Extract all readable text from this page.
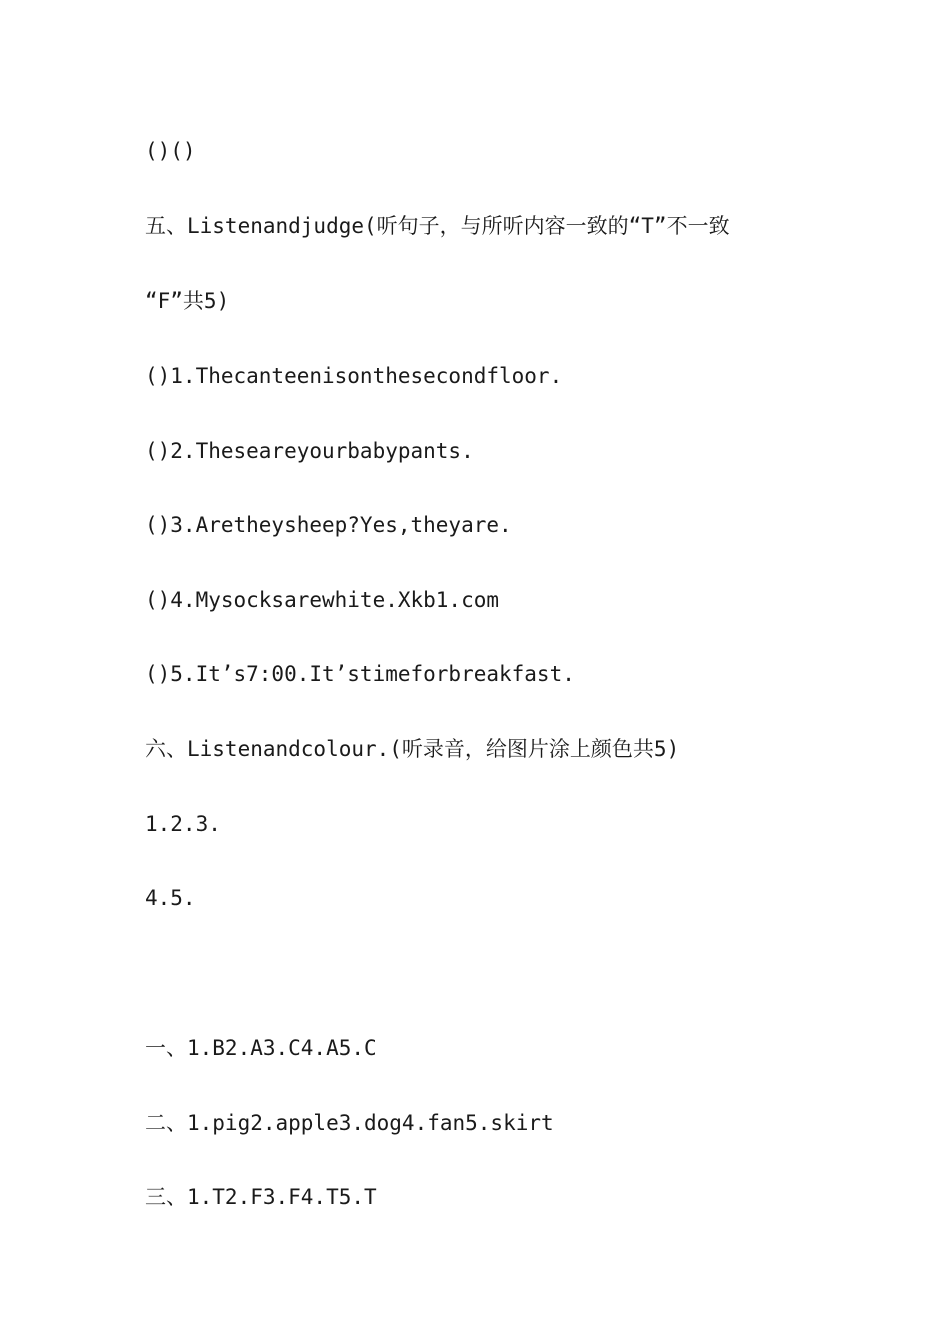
()()
五、Listenandjudge(听句子，与所听内容一致的“T”不一致
“F”共5)
()1.Thecanteenisonthesecondfloor.
()2.Theseareyourbabypants.
()3.Aretheysheep?Yes,theyare.
()4.Mysocksarewhite.Xkb1.com
()5.It’s7:00.It’stimeforbreakfast.
六、Listenandcolour.(听录音，给图片涂上颜色共5)
1.2.3.
4.5.
一、1.B2.A3.C4.A5.C
二、1.pig2.apple3.dog4.fan5.skirt
三、1.T2.F3.F4.T5.T
